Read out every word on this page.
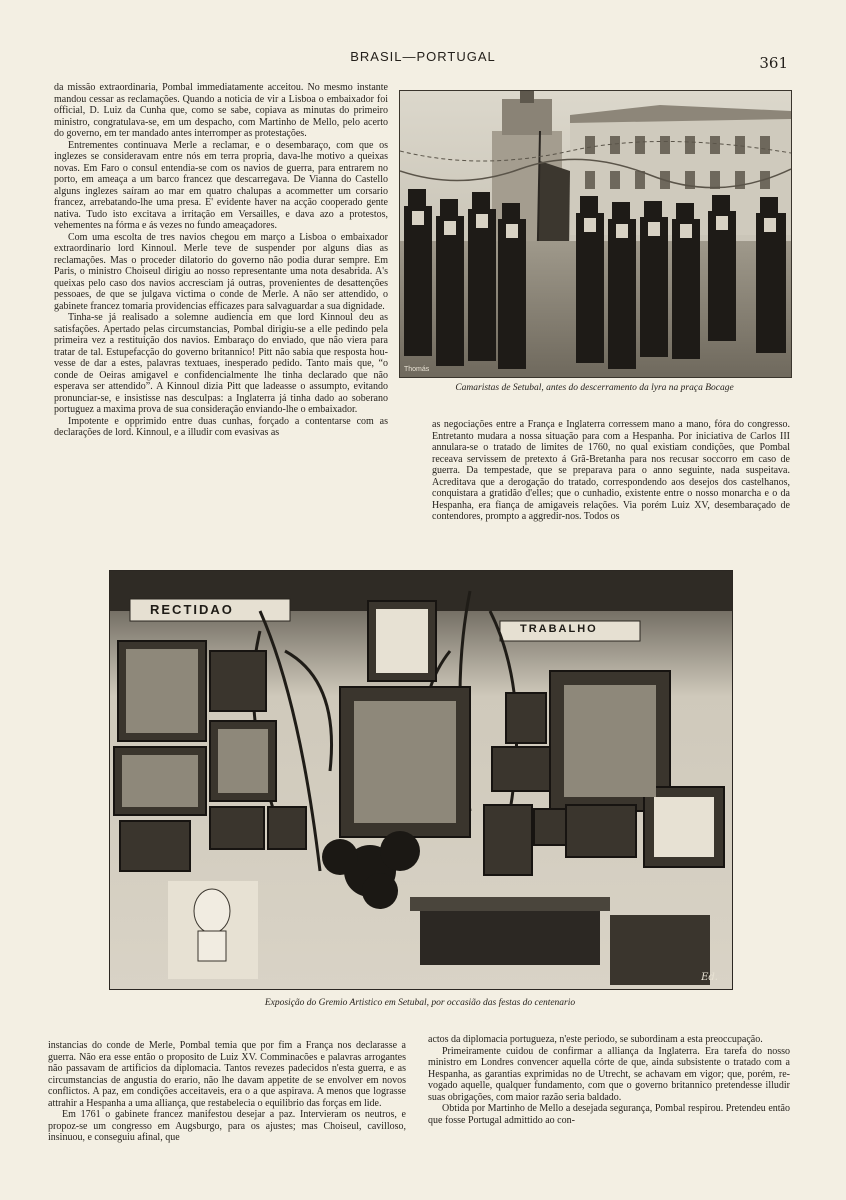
BRASIL—PORTUGAL	361

da missão extraordinaria, Pombal immediatamente acceitou. No mesmo instante mandou cessar as reclamações. Quando a noticia de vir a Lisboa o embaixador foi official, D. Luiz da Cunha que, como se sabe, copiava as minutas do primeiro ministro, congratulava-se, em um despacho, com Martinho de Mello, pelo acerto do governo, em ter mandado antes interromper as protestações.

Entrementes continuava Merle a reclamar, e o desembaraço, com que os inglezes se consideravam entre nós em terra propria, dava-lhe motivo a queixas novas. Em Faro o consul entendia-se com os navios de guerra, para entrarem no porto, em ameaça a um barco francez que descarregava. De Vianna do Castello alguns inglezes saíram ao mar em quatro chalupas a acommetter um corsario francez, arrebatando-lhe uma presa. E' evidente haver na acção cooperado gente nativa. Tudo isto excitava a irritação em Versailles, e dava azo a protestos, vehementes na fórma e ás vezes no fundo ameaçadores.

Com uma escolta de tres navios chegou em março a Lisboa o embaixador extraordinario lord Kinnoul. Merle teve de suspender por alguns dias as reclamações. Mas o proceder dilatorio do governo não podia durar sempre. Em Paris, o ministro Choiseul dirigiu ao nosso representante uma nota desabrida. A's queixas pelo caso dos navios accresciam já outras, provenientes de desattenções pessoaes, de que se julgava victima o conde de Merle. A não ser attendido, o gabinete francez tomaria providencias efficazes para salvaguardar a sua dignidade.

Tinha-se já realisado a solemne audiencia em que lord Kinnoul deu as satisfações. Apertado pelas circumstancias, Pombal dirigiu-se a elle pedindo pela primeira vez a restituição dos navios. Embaraço do enviado, que não viera para tratar de tal. Estupefacção do governo britannico! Pitt não sabia que resposta houvesse de dar a estes, palavras textuaes, inesperado pedido. Tanto mais que, “o conde de Oeiras amigavel e confidencialmente lhe tinha declarado que não esperava ser attendido”. A Kinnoul dizia Pitt que ladeasse o assumpto, evitando pronunciar-se, e insistisse nas desculpas: a Inglaterra já tinha dado ao soberano portuguez a maxima prova de sua consideração enviando-lhe o embaixador.

Impotente e opprimido entre duas cunhas, forçado a contentarse com as declarações de lord. Kinnoul, e a illudir com evasivas as

Thomás
Camaristas de Setubal, antes do descerramento da lyra na praça Bocage

as negociações entre a França e Inglaterra corressem mano a mano, fóra do congresso. Entretanto mudara a nossa situação para com a Hespanha. Por iniciativa de Carlos III annulara-se o tratado de limites de 1760, no qual existiam condições, que Pombal receava servissem de pretexto á Grã-Bretanha para nos recusar soccorro em caso de guerra. Da tempestade, que se preparava para o anno seguinte, nada suspeitava. Acreditava que a derogação do tratado, correspondendo aos desejos dos castelhanos, conquistara a gratidão d'elles; que o cunhadio, existente entre o nosso monarcha e o da Hespanha, era fiança de amigaveis relações. Via porém Luiz XV, desembaraçado de contendores, prompto a aggredir-nos. Todos os

RECTIDAO
TRABALHO
Ed.
Exposição do Gremio Artistico em Setubal, por occasião das festas do centenario

instancias do conde de Merle, Pombal temia que por fim a França nos declarasse a guerra. Não era esse então o proposito de Luiz XV. Comminacões e palavras arrogantes não passavam de artificios da diplomacia. Tantos revezes padecidos n'esta guerra, e as circumstancias de angustia do erario, não lhe davam appetite de se envolver em novos conflictos. A paz, em condições acceitaveis, era o a que aspirava. A menos que lograsse attrahir a Hespanha a uma alliança, que restabelecia o equilibrio das forças em lide.

Em 1761 o gabinete francez manifestou desejar a paz. Intervieram os neutros, e propoz-se um congresso em Augsburgo, para os ajustes; mas Choiseul, cavilloso, insinuou, e conseguiu afinal, que

actos da diplomacia portugueza, n'este periodo, se subordinam a esta preoccupação.

Primeiramente cuidou de confirmar a alliança da Inglaterra. Era tarefa do nosso ministro em Londres convencer aquella córte de que, ainda subsistente o tratado com a Hespanha, as garantias exprimidas no de Utrecht, se achavam em vigor; que, porém, revogado aquelle, qualquer fundamento, com que o governo britannico pretendesse illudir suas obrigações, com maior razão seria baldado.

Obtida por Martinho de Mello a desejada segurança, Pombal respirou. Pretendeu então que fosse Portugal admittido ao con-
